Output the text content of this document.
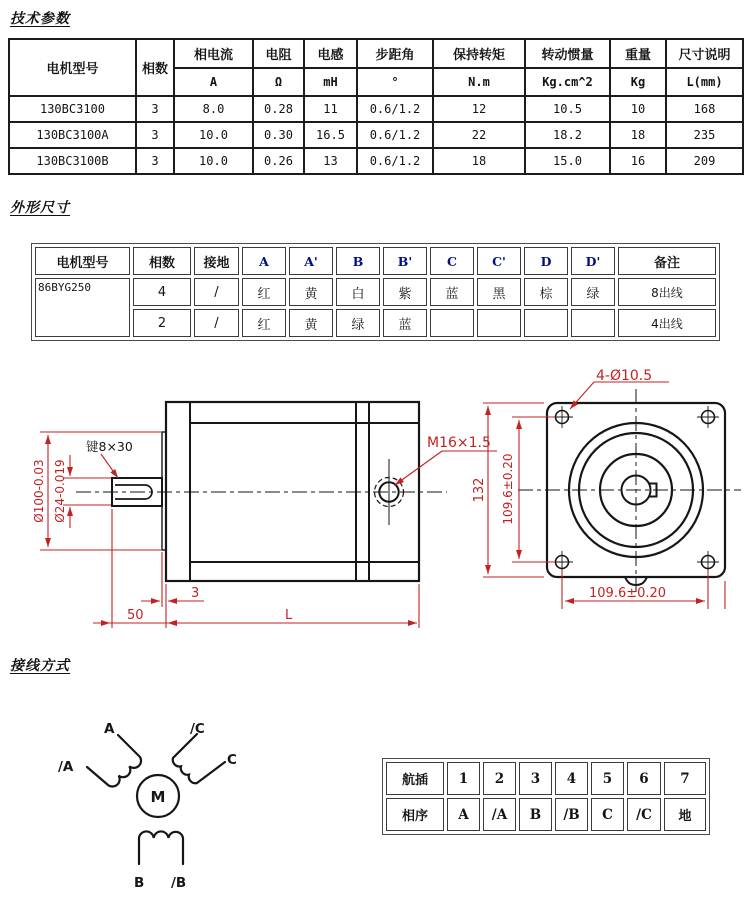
技术参数
电机型号	相数	相电流	电阻	电感	步距角	保持转矩	转动惯量	重量	尺寸说明
		A	Ω	mH	°	N.m	Kg.cm^2	Kg	L(mm)
130BC3100	3	8.0	0.28	11	0.6/1.2	12	10.5	10	168
130BC3100A	3	10.0	0.30	16.5	0.6/1.2	22	18.2	18	235
130BC3100B	3	10.0	0.26	13	0.6/1.2	18	15.0	16	209
外形尺寸
电机型号	相数	接地	A	A'	B	B'	C	C'	D	D'	备注
86BYG250	4	/	红	黄	白	紫	蓝	黑	棕	绿	8出线
	2	/	红	黄	绿	蓝					4出线
Ø100-0.03 Ø24-0.019
键8×30
50
3
L
M16×1.5
132 109.6±0.20
4-Ø10.5
109.6±0.20
接线方式
M
A
/A
/C
C
B /B
航插	1	2	3	4	5	6	7
相序	A	/A	B	/B	C	/C	地
